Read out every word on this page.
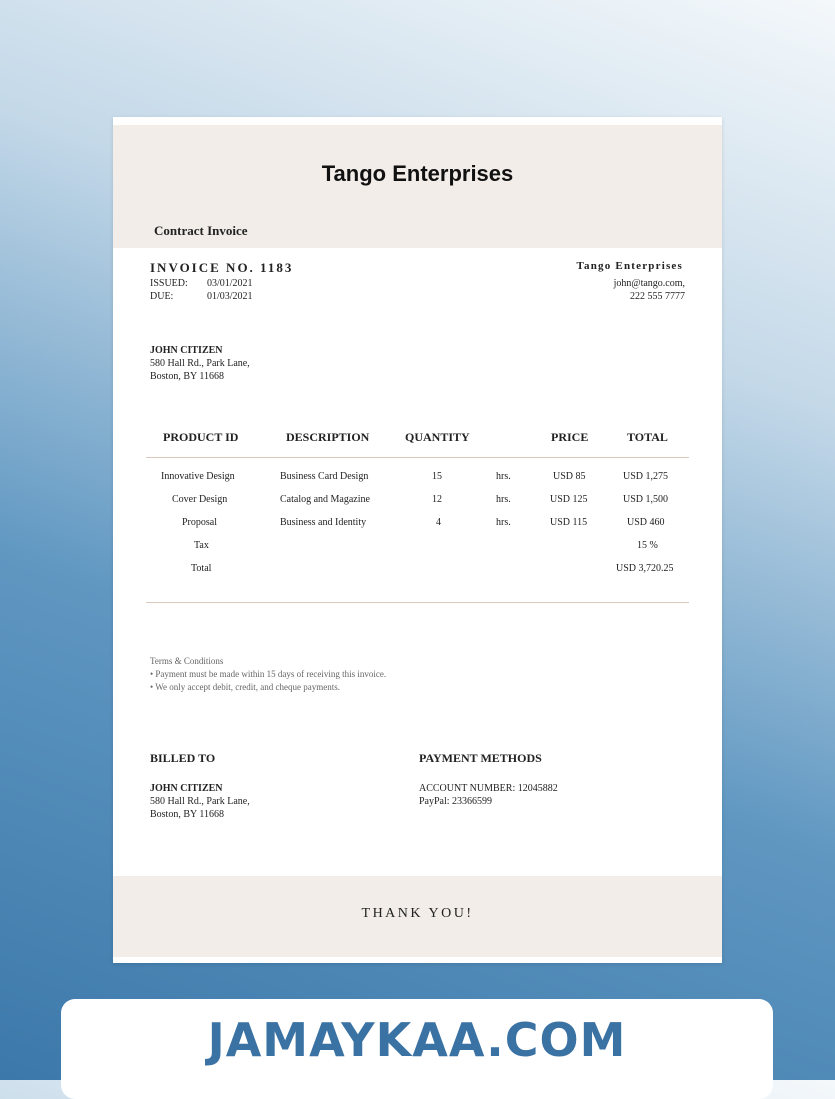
Tango Enterprises
Contract Invoice
INVOICE NO. 1183
ISSUED: 03/01/2021
DUE:	01/03/2021
Tango Enterprises
john@tango.com,
222 555 7777
JOHN CITIZEN
580 Hall Rd., Park Lane,
Boston, BY 11668
PRODUCT ID	DESCRIPTION	QUANTITY	PRICE	TOTAL
Innovative Design	Business Card Design	15	hrs.	USD 85	USD 1,275
Cover Design	Catalog and Magazine	12	hrs.	USD 125	USD 1,500
Proposal	Business and Identity	4	hrs.	USD 115	USD 460
Tax	15 %
Total	USD 3,720.25
Terms & Conditions
• Payment must be made within 15 days of receiving this invoice.
• We only accept debit, credit, and cheque payments.
BILLED TO	PAYMENT METHODS
JOHN CITIZEN
580 Hall Rd., Park Lane,
Boston, BY 11668
ACCOUNT NUMBER: 12045882
PayPal: 23366599
THANK YOU!
JAMAYKAA.COM
